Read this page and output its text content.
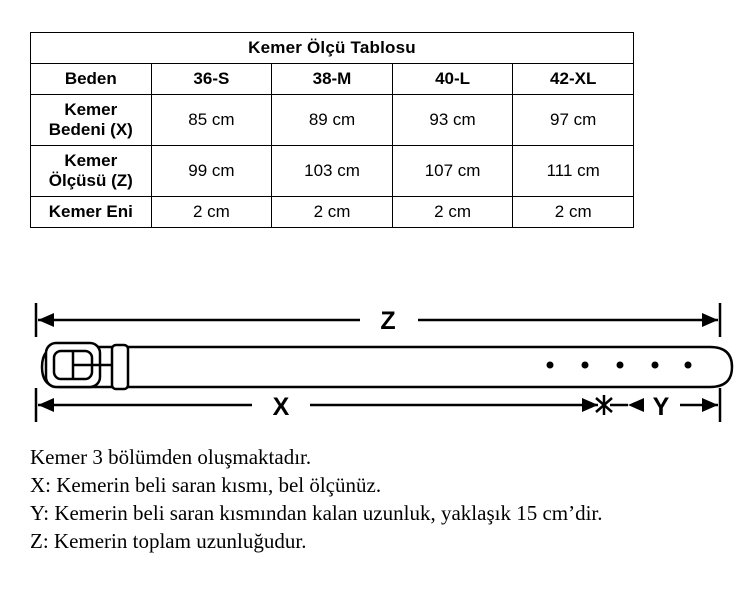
Kemer Ölçü Tablosu				
Beden	36-S	38-M	40-L	42-XL
Kemer Bedeni (X)	85 cm	89 cm	93 cm	97 cm
Kemer Ölçüsü (Z)	99 cm	103 cm	107 cm	111 cm
Kemer Eni	2 cm	2 cm	2 cm	2 cm
Z
X	Y
Kemer 3 bölümden oluşmaktadır.
X: Kemerin beli saran kısmı, bel ölçünüz.
Y: Kemerin beli saran kısmından kalan uzunluk, yaklaşık 15 cm’dir.
Z: Kemerin toplam uzunluğudur.
